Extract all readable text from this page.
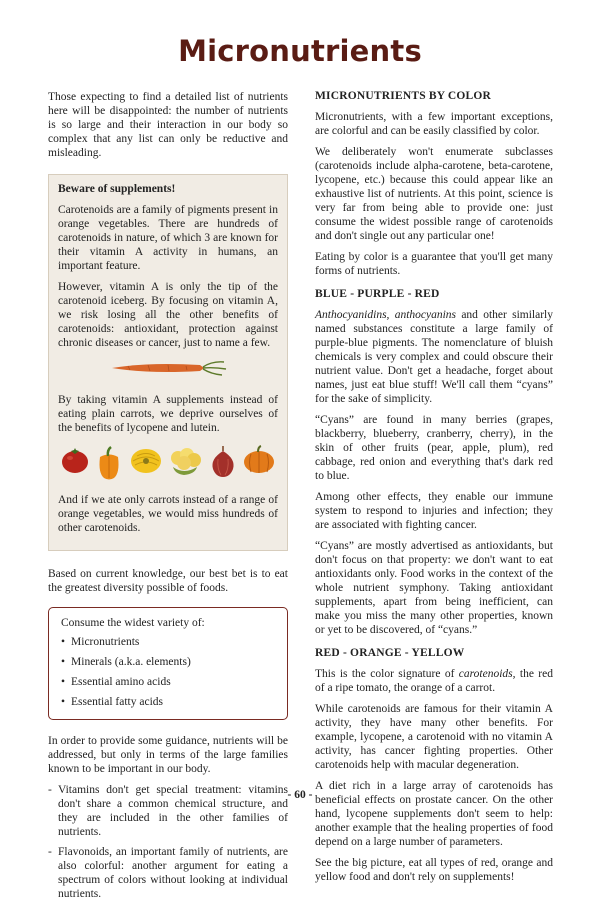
Micronutrients

Those expecting to find a detailed list of nutrients here will be disappointed: the number of nutrients is so large and their interaction in our body so complex that any list can only be reductive and misleading.

Beware of supplements!

Carotenoids are a family of pigments present in orange vegetables. There are hundreds of carotenoids in nature, of which 3 are known for their vitamin A activity in humans, an important feature.

However, vitamin A is only the tip of the carotenoid iceberg. By focusing on vitamin A, we risk losing all the other benefits of carotenoids: antioxidant, protection against chronic diseases or cancer, just to name a few.

By taking vitamin A supplements instead of eating plain carrots, we deprive ourselves of the benefits of lycopene and lutein.

And if we ate only carrots instead of a range of orange vegetables, we would miss hundreds of other carotenoids.

Based on current knowledge, our best bet is to eat the greatest diversity possible of foods.

Consume the widest variety of:
• Micronutrients
• Minerals (a.k.a. elements)
• Essential amino acids
• Essential fatty acids

In order to provide some guidance, nutrients will be addressed, but only in terms of the large families known to be important in our body.

- Vitamins don't get special treatment: vitamins don't share a common chemical structure, and they are included in the other families of nutrients.
- Flavonoids, an important family of nutrients, are also colorful: another argument for eating a spectrum of colors without looking at individual nutrients.
MICRONUTRIENTS BY COLOR

Micronutrients, with a few important exceptions, are colorful and can be easily classified by color.

We deliberately won't enumerate subclasses (carotenoids include alpha-carotene, beta-carotene, lycopene, etc.) because this could appear like an exhaustive list of nutrients. At this point, science is very far from being able to provide one: just consume the widest possible range of carotenoids and don't single out any particular one!

Eating by color is a guarantee that you'll get many forms of nutrients.

BLUE - PURPLE - RED

Anthocyanidins, anthocyanins and other similarly named substances constitute a large family of purple-blue pigments. The nomenclature of bluish chemicals is very complex and could obscure their nutrient value. Don't get a headache, forget about names, just eat blue stuff! We'll call them “cyans” for the sake of simplicity.

“Cyans” are found in many berries (grapes, blackberry, blueberry, cranberry, cherry), in the skin of other fruits (pear, apple, plum), red cabbage, red onion and everything that's dark red to blue.

Among other effects, they enable our immune system to respond to injuries and infection; they are associated with fighting cancer.

“Cyans” are mostly advertised as antioxidants, but don't focus on that property: we don't want to eat antioxidants only. Food works in the context of the whole nutrient symphony. Taking antioxidant supplements, apart from being inefficient, can make you miss the many other properties, known or yet to be discovered, of “cyans.”

RED - ORANGE - YELLOW

This is the color signature of carotenoids, the red of a ripe tomato, the orange of a carrot.

While carotenoids are famous for their vitamin A activity, they have many other benefits. For example, lycopene, a carotenoid with no vitamin A activity, has cancer fighting properties. Other carotenoids help with macular degeneration.

A diet rich in a large array of carotenoids has beneficial effects on prostate cancer. On the other hand, lycopene supplements don't seem to help: another example that the healing properties of food depend on a large number of parameters.

See the big picture, eat all types of red, orange and yellow food and don't rely on supplements!

- 60 -
